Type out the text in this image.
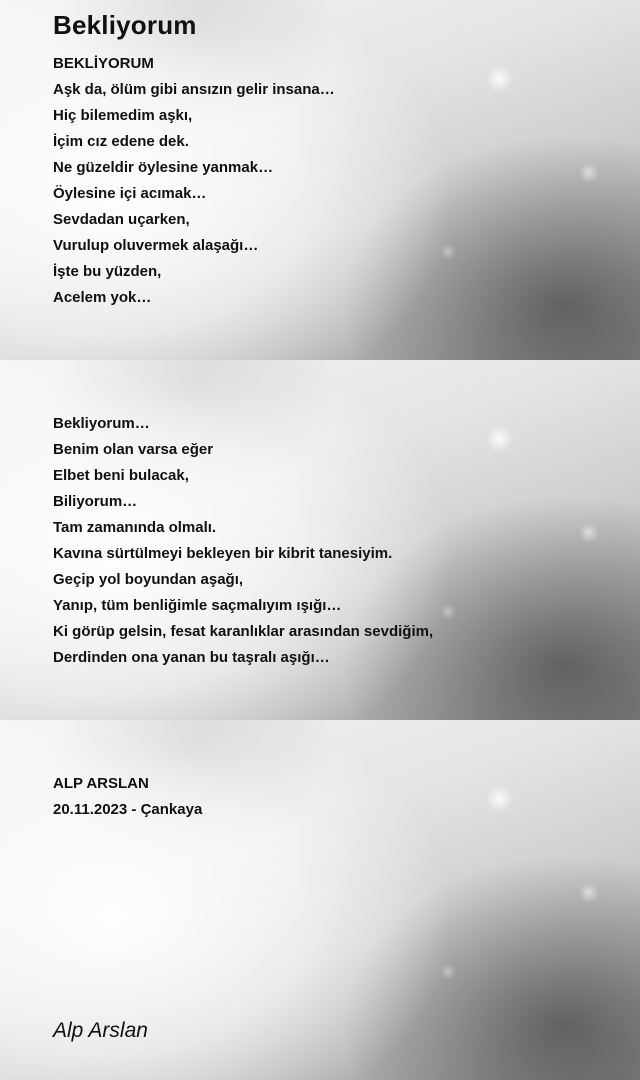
Bekliyorum
BEKLİYORUM
Aşk da, ölüm gibi ansızın gelir insana…
Hiç bilemedim aşkı,
İçim cız edene dek.
Ne güzeldir öylesine yanmak…
Öylesine içi acımak…
Sevdadan uçarken,
Vurulup oluvermek alaşağı…
İşte bu yüzden,
Acelem yok…
Bekliyorum…
Benim olan varsa eğer
Elbet beni bulacak,
Biliyorum…
Tam zamanında olmalı.
Kavına sürtülmeyi bekleyen bir kibrit tanesiyim.
Geçip yol boyundan aşağı,
Yanıp, tüm benliğimle saçmalıyım ışığı…
Ki görüp gelsin, fesat karanlıklar arasından sevdiğim,
Derdinden ona yanan bu taşralı aşığı…
ALP ARSLAN
20.11.2023 - Çankaya
Alp Arslan
